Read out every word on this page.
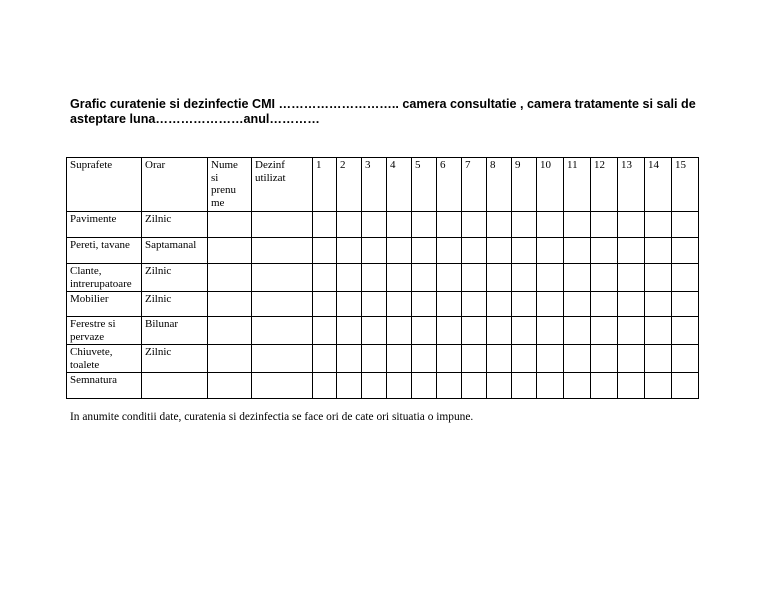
Grafic curatenie si dezinfectie CMI ……………………….. camera consultatie , camera tratamente si sali de asteptare luna…………………anul…………
Suprafete	Orar	Nume si prenu me	Dezinf utilizat	1	2	3	4	5	6	7	8	9	10	11	12	13	14	15
Pavimente	Zilnic																	
Pereti, tavane	Saptamanal																	
Clante, intrerupatoare	Zilnic																	
Mobilier	Zilnic																	
Ferestre si pervaze	Bilunar																	
Chiuvete, toalete	Zilnic																	
Semnatura																		
In anumite conditii date, curatenia si dezinfectia se face ori de cate ori situatia o impune.
